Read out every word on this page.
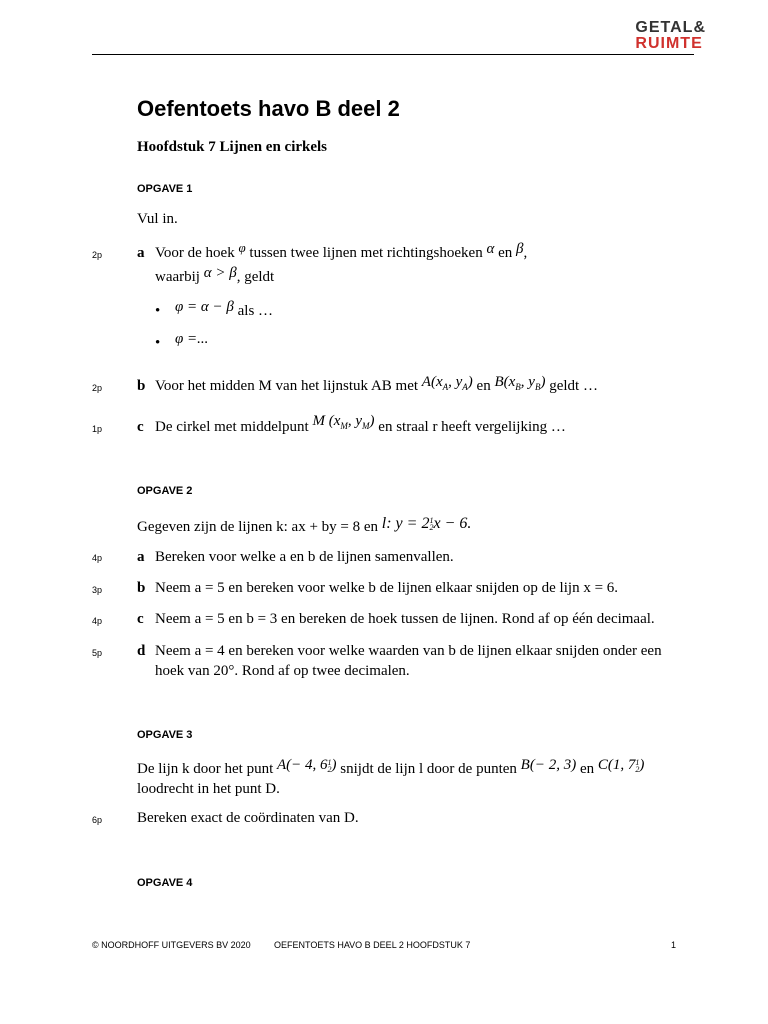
GETAL&
RUIMTE
Oefentoets havo B deel 2
Hoofdstuk 7 Lijnen en cirkels
OPGAVE 1
Vul in.
2p a Voor de hoek φ tussen twee lijnen met richtingshoeken α en β,
waarbij α > β, geldt
• φ = α − β als …
• φ =...
2p b Voor het midden M van het lijnstuk AB met $A(x_A$, $y_A$) en $B(x_B$, $y_B$) geldt …
1p c De cirkel met middelpunt M ($x_M$, $y_M$) en straal r heeft vergelijking …
OPGAVE 2
Gegeven zijn de lijnen k: ax + by = 8 en l: y = 2 1
2 x − 6.
4p a Bereken voor welke a en b de lijnen samenvallen.
3p b Neem a = 5 en bereken voor welke b de lijnen elkaar snijden op de lijn x = 6.
4p c Neem a = 5 en b = 3 en bereken de hoek tussen de lijnen. Rond af op één decimaal.
5p d Neem a = 4 en bereken voor welke waarden van b de lijnen elkaar snijden onder een hoek van 20°. Rond af op twee decimalen.
OPGAVE 3
De lijn k door het punt A(− 4, 6 1
2 ) snijdt de lijn l door de punten B(− 2, 3) en C(1, 7 1
2 )
loodrecht in het punt D.
6p Bereken exact de coördinaten van D.
OPGAVE 4
© NOORDHOFF UITGEVERS BV 2020	OEFENTOETS HAVO B DEEL 2 HOOFDSTUK 7	1
